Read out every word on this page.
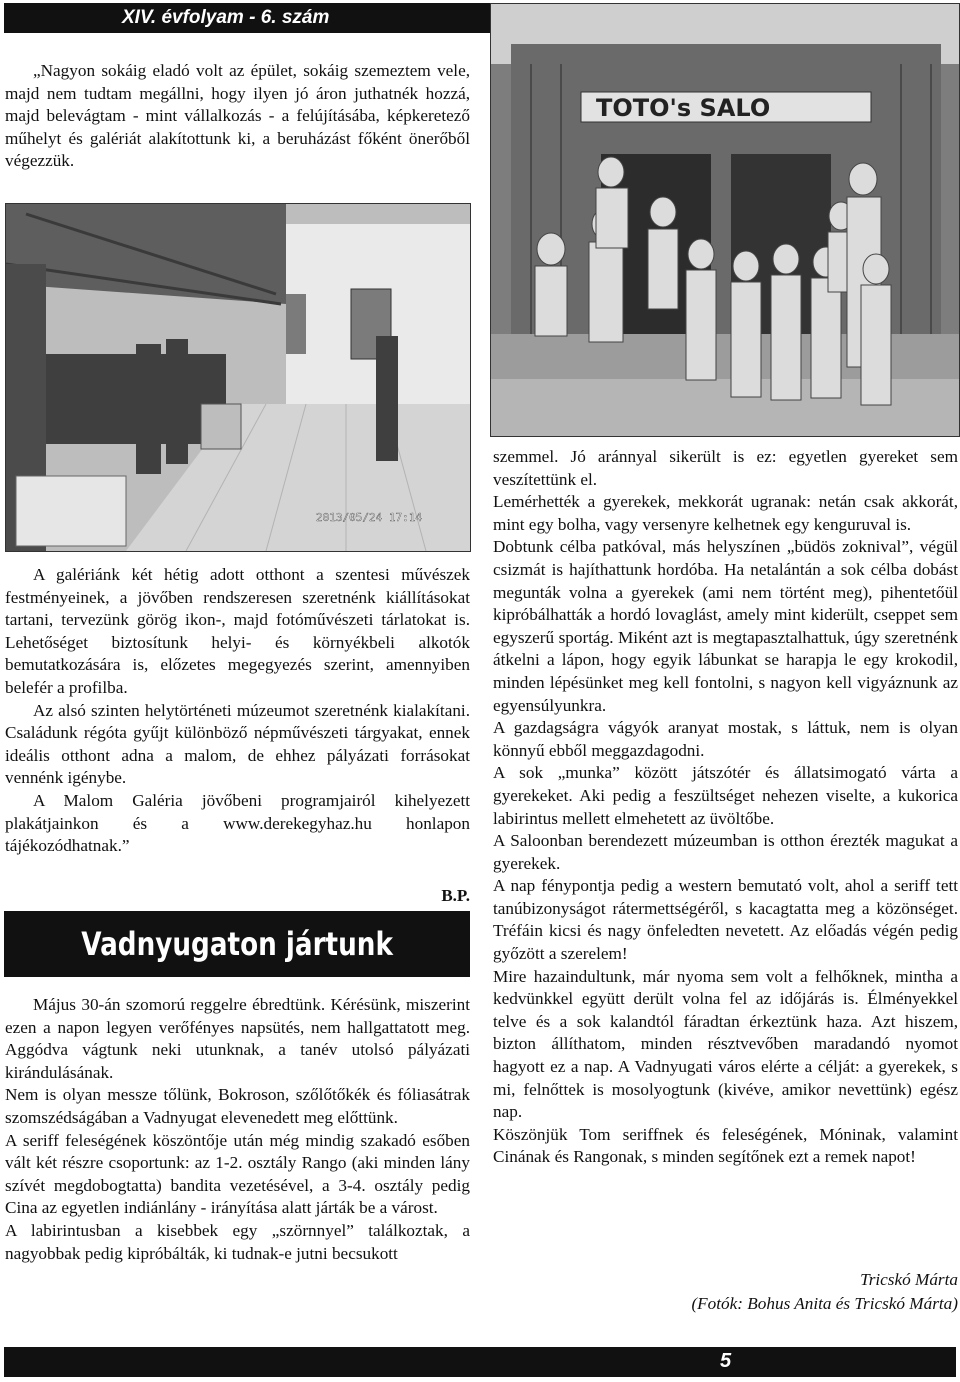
XIV. évfolyam - 6. szám

„Nagyon sokáig eladó volt az épület, sokáig szemeztem vele, majd nem tudtam megállni, hogy ilyen jó áron juthatnék hozzá, majd belevágtam - mint vállalkozás - a felújításába, képkeretező műhelyt és galériát alakítottunk ki, a beruházást főként önerőből végezzük.

TOTO's SALO
2013/05/24 17:14

A galériánk két hétig adott otthont a szentesi művészek festményeinek, a jövőben rendszeresen szeretnénk kiállításokat tartani, tervezünk görög ikon-, majd fotóművészeti tárlatokat is. Lehetőséget biztosítunk helyi- és környékbeli alkotók bemutatkozására is, előzetes megegyezés szerint, amennyiben belefér a profilba.

Az alsó szinten helytörténeti múzeumot szeretnénk kialakítani. Családunk régóta gyűjt különböző népművészeti tárgyakat, ennek ideális otthont adna a malom, de ehhez pályázati forrásokat vennénk igénybe.

A Malom Galéria jövőbeni programjairól kihelyezett plakátjainkon és a www.derekegyhaz.hu honlapon tájékozódhatnak.”

B.P.
Vadnyugaton jártunk

Május 30-án szomorú reggelre ébredtünk. Kérésünk, miszerint ezen a napon legyen verőfényes napsütés, nem hallgattatott meg. Aggódva vágtunk neki utunknak, a tanév utolsó pályázati kirándulásának.

Nem is olyan messze tőlünk, Bokroson, szőlőtőkék és fóliasátrak szomszédságában a Vadnyugat elevenedett meg előttünk.

A seriff feleségének köszöntője után még mindig szakadó esőben vált két részre csoportunk: az 1-2. osztály Rango (aki minden lány szívét megdobogtatta) bandita vezetésével, a 3-4. osztály pedig Cina az egyetlen indiánlány - irányítása alatt járták be a várost.

A labirintusban a kisebbek egy „szörnnyel” találkoztak, a nagyobbak pedig kipróbálták, ki tudnak-e jutni becsukott

szemmel. Jó aránnyal sikerült is ez: egyetlen gyereket sem veszítettünk el.

Lemérhették a gyerekek, mekkorát ugranak: netán csak akkorát, mint egy bolha, vagy versenyre kelhetnek egy kenguruval is.

Dobtunk célba patkóval, más helyszínen „büdös zoknival”, végül csizmát is hajíthattunk hordóba. Ha netalántán a sok célba dobást megunták volna a gyerekek (ami nem történt meg), pihentetőül kipróbálhatták a hordó lovaglást, amely mint kiderült, cseppet sem egyszerű sportág. Miként azt is megtapasztalhattuk, úgy szeretnénk átkelni a lápon, hogy egyik lábunkat se harapja le egy krokodil, minden lépésünket meg kell fontolni, s nagyon kell vigyáznunk az egyensúlyunkra.

A gazdagságra vágyók aranyat mostak, s láttuk, nem is olyan könnyű ebből meggazdagodni.

A sok „munka” között játszótér és állatsimogató várta a gyerekeket. Aki pedig a feszültséget nehezen viselte, a kukorica labirintus mellett elmehetett az üvöltőbe.

A Saloonban berendezett múzeumban is otthon érezték magukat a gyerekek.

A nap fénypontja pedig a western bemutató volt, ahol a seriff tett tanúbizonyságot rátermettségéről, s kacagtatta meg a közönséget. Tréfáin kicsi és nagy önfeledten nevetett. Az előadás végén pedig győzött a szerelem!

Mire hazaindultunk, már nyoma sem volt a felhőknek, mintha a kedvünkkel együtt derült volna fel az időjárás is. Élményekkel telve és a sok kalandtól fáradtan érkeztünk haza. Azt hiszem, bizton állíthatom, minden résztvevőben maradandó nyomot hagyott ez a nap. A Vadnyugati város elérte a célját: a gyerekek, s mi, felnőttek is mosolyogtunk (kivéve, amikor nevettünk) egész nap.

Köszönjük Tom seriffnek és feleségének, Móninak, valamint Cinának és Rangonak, s minden segítőnek ezt a remek napot!

Tricskó Márta
(Fotók: Bohus Anita és Tricskó Márta)
5
